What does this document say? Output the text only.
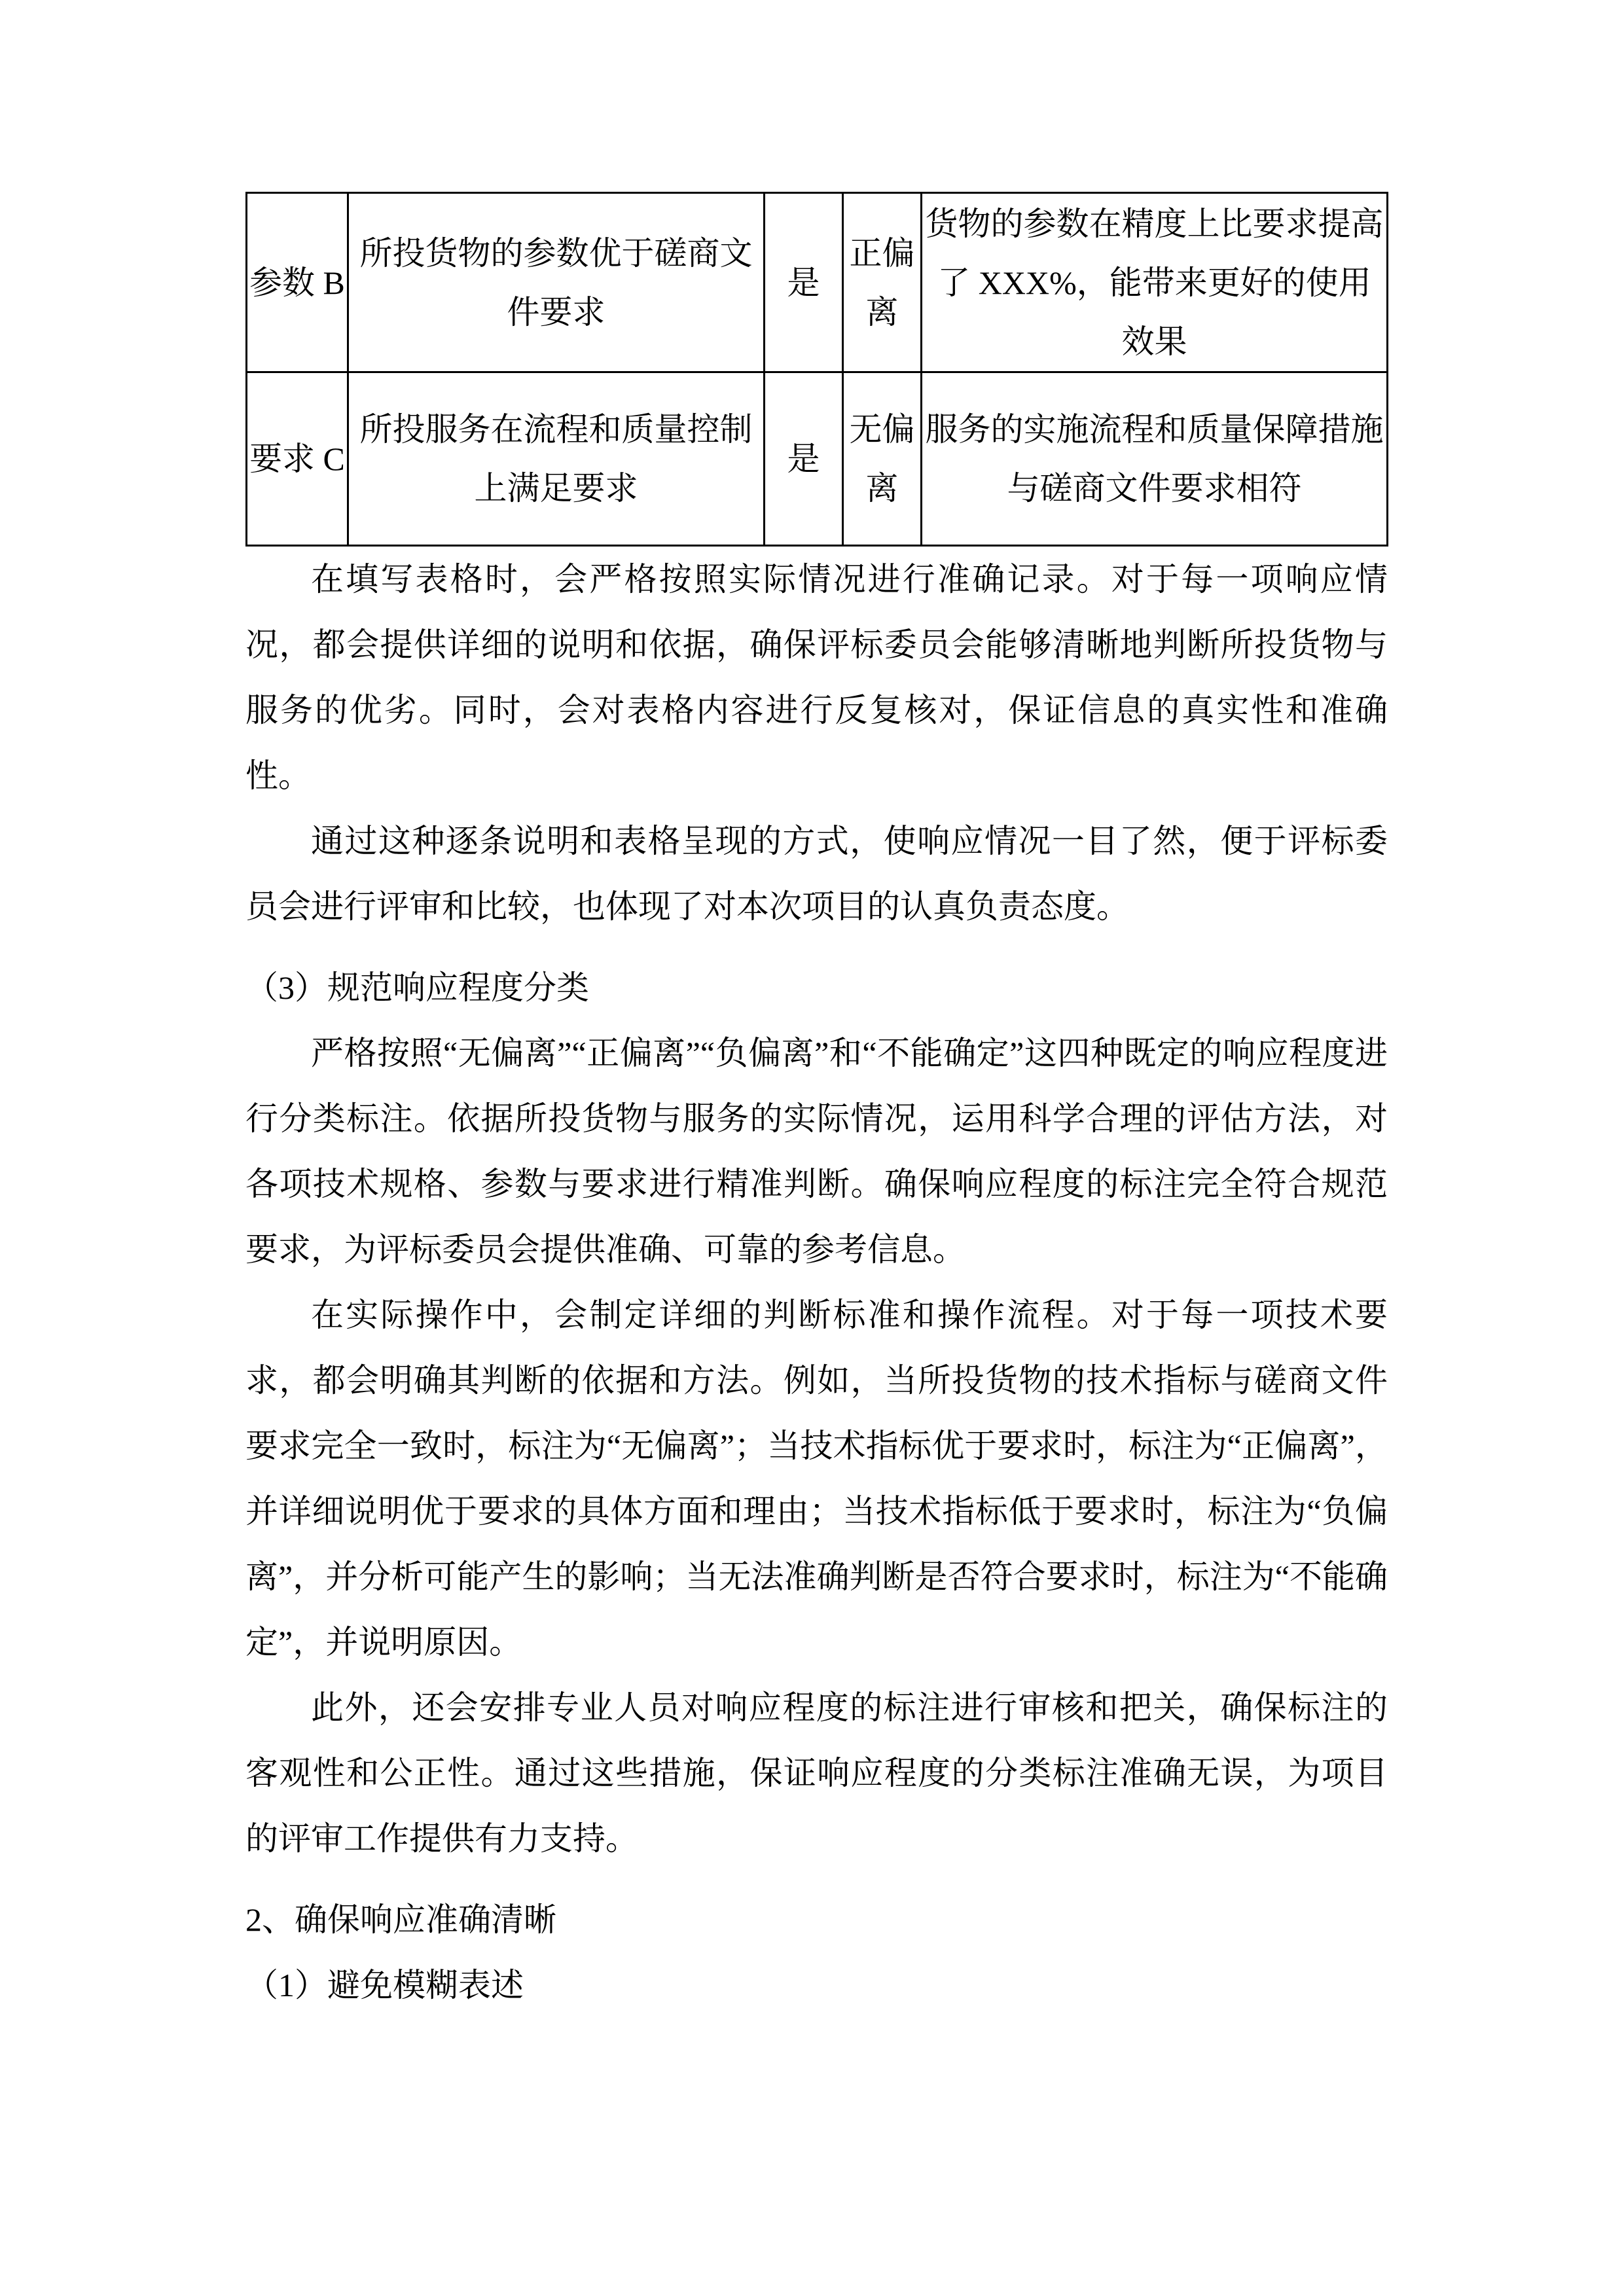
参数 B	所投货物的参数优于磋商文件要求	是	正偏离	货物的参数在精度上比要求提高了 XXX%，能带来更好的使用效果
要求 C	所投服务在流程和质量控制上满足要求	是	无偏离	服务的实施流程和质量保障措施与磋商文件要求相符

在填写表格时，会严格按照实际情况进行准确记录。对于每一项响应情况，都会提供详细的说明和依据，确保评标委员会能够清晰地判断所投货物与服务的优劣。同时，会对表格内容进行反复核对，保证信息的真实性和准确性。

通过这种逐条说明和表格呈现的方式，使响应情况一目了然，便于评标委员会进行评审和比较，也体现了对本次项目的认真负责态度。

（3）规范响应程度分类

严格按照“无偏离”“正偏离”“负偏离”和“不能确定”这四种既定的响应程度进行分类标注。依据所投货物与服务的实际情况，运用科学合理的评估方法，对各项技术规格、参数与要求进行精准判断。确保响应程度的标注完全符合规范要求，为评标委员会提供准确、可靠的参考信息。

在实际操作中，会制定详细的判断标准和操作流程。对于每一项技术要求，都会明确其判断的依据和方法。例如，当所投货物的技术指标与磋商文件要求完全一致时，标注为“无偏离”；当技术指标优于要求时，标注为“正偏离”，并详细说明优于要求的具体方面和理由；当技术指标低于要求时，标注为“负偏离”，并分析可能产生的影响；当无法准确判断是否符合要求时，标注为“不能确定”，并说明原因。

此外，还会安排专业人员对响应程度的标注进行审核和把关，确保标注的客观性和公正性。通过这些措施，保证响应程度的分类标注准确无误，为项目的评审工作提供有力支持。

2、确保响应准确清晰

（1）避免模糊表述
